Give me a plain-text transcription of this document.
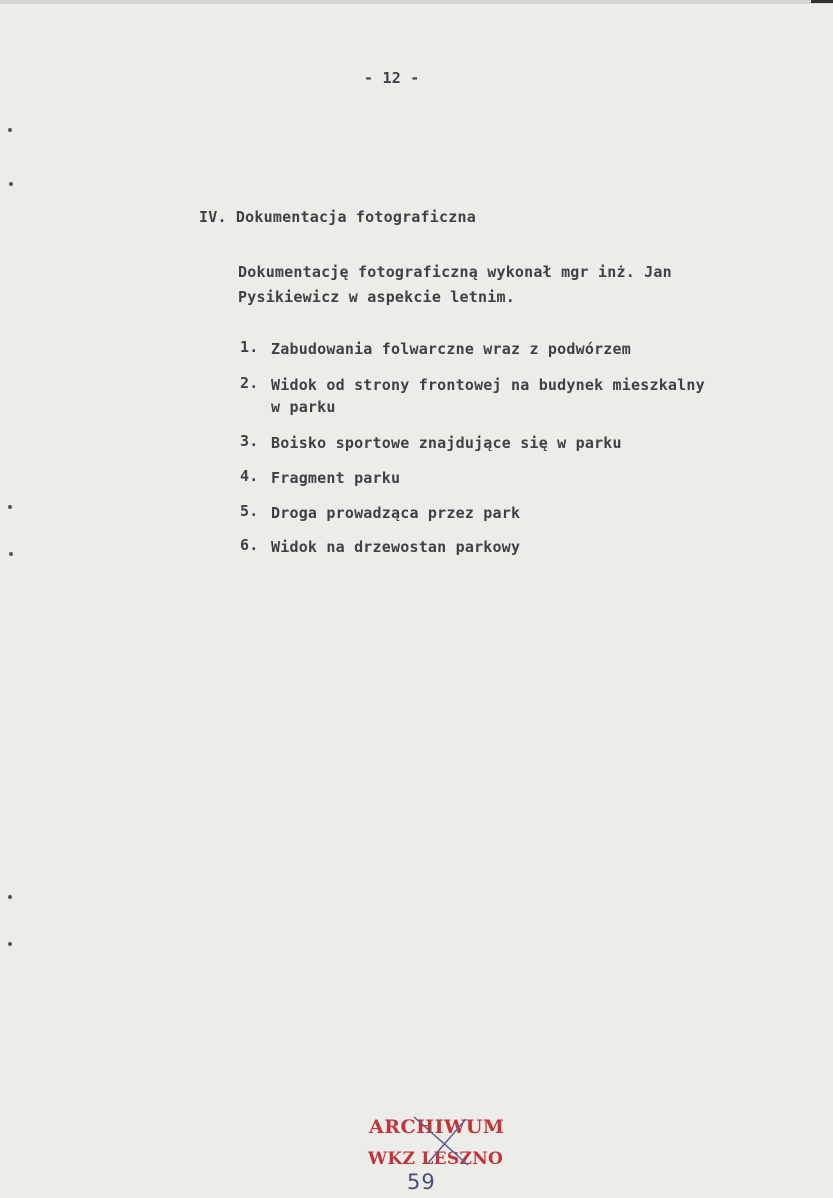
- 12 -
IV. Dokumentacja fotograficzna
Dokumentację fotograficzną wykonał mgr inż. Jan
Pysikiewicz w aspekcie letnim.
1. Zabudowania folwarczne wraz z podwórzem
2. Widok od strony frontowej na budynek mieszkalny
w parku
3. Boisko sportowe znajdujące się w parku
4. Fragment parku
5. Droga prowadząca przez park
6. Widok na drzewostan parkowy
ARCHIWUM
WKZ LESZNO
59
